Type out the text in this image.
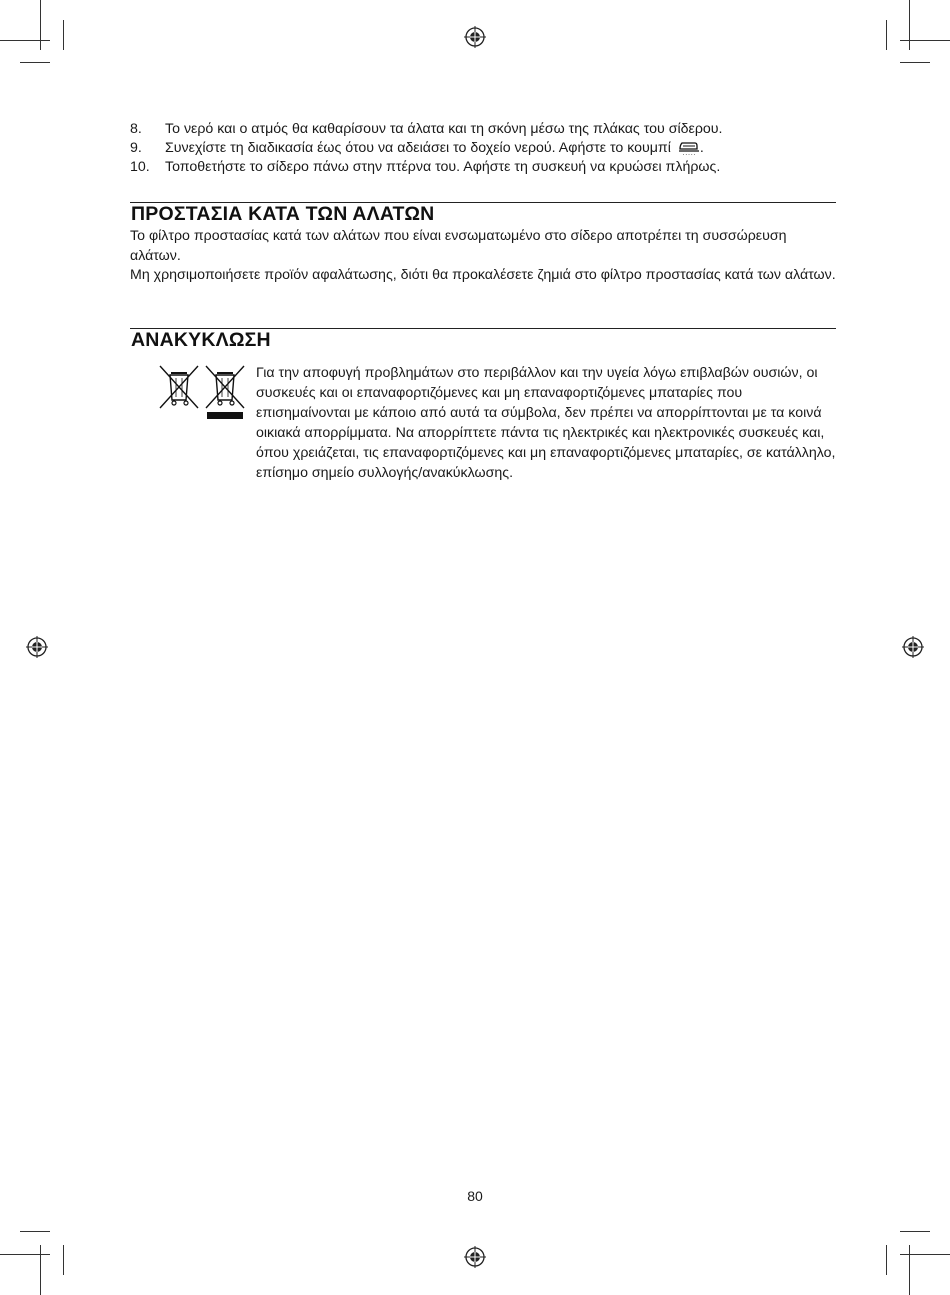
8. Το νερό και ο ατμός θα καθαρίσουν τα άλατα και τη σκόνη μέσω της πλάκας του σίδερου.
9. Συνεχίστε τη διαδικασία έως ότου να αδειάσει το δοχείο νερού. Αφήστε το κουμπί	• • • • • .
10. Τοποθετήστε το σίδερο πάνω στην πτέρνα του. Αφήστε τη συσκευή να κρυώσει πλήρως.
ΠΡΟΣΤΑΣΙΑ ΚΑΤΑ ΤΩΝ ΑΛΑΤΩΝ
Το φίλτρο προστασίας κατά των αλάτων που είναι ενσωματωμένο στο σίδερο αποτρέπει τη συσσώρευση αλάτων.
Μη χρησιμοποιήσετε προϊόν αφαλάτωσης, διότι θα προκαλέσετε ζημιά στο φίλτρο προστασίας κατά των αλάτων.
ΑΝΑΚΥΚΛΩΣΗ
Για την αποφυγή προβλημάτων στο περιβάλλον και την υγεία λόγω επιβλαβών ουσιών, οι συσκευές και οι επαναφορτιζόμενες και μη επαναφορτιζόμενες μπαταρίες που επισημαίνονται με κάποιο από αυτά τα σύμβολα, δεν πρέπει να απορρίπτονται με τα κοινά οικιακά απορρίμματα. Να απορρίπτετε πάντα τις ηλεκτρικές και ηλεκτρονικές συσκευές και, όπου χρειάζεται, τις επαναφορτιζόμενες και μη επαναφορτιζόμενες μπαταρίες, σε κατάλληλο, επίσημο σημείο συλλογής/ανακύκλωσης.
80
